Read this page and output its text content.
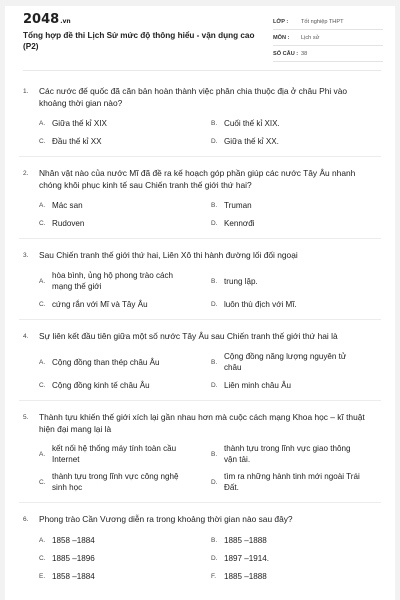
2048.vn
Tổng hợp đề thi Lịch Sử mức độ thông hiểu - vận dụng cao (P2)
LỚP :	Tốt nghiệp THPT
MÔN :	Lịch sử
SỐ CÂU : 38
1.	Các nước đế quốc đã căn bản hoàn thành việc phân chia thuộc địa ở châu Phi vào khoảng thời gian nào?
A. Giữa thế kỉ XIX	B. Cuối thế kỉ XIX.
C. Đầu thế kỉ XX	D. Giữa thế kỉ XX.
2.	Nhân vật nào của nước Mĩ đã đề ra kế hoạch góp phần giúp các nước Tây Âu nhanh chóng khôi phục kinh tế sau Chiến tranh thế giới thứ hai?
A. Mác san	B. Truman
C. Rudoven	D. Kennơđi
3.	Sau Chiến tranh thế giới thứ hai, Liên Xô thi hành đường lối đối ngoại
A.
hòa bình, ủng hộ phong trào cách mạng thế giới
B. trung lập.
C. cứng rắn với Mĩ và Tây Âu	D. luôn thù địch với Mĩ.
4.	Sự liên kết đầu tiên giữa một số nước Tây Âu sau Chiến tranh thế giới thứ hai là
A. Cộng đồng than thép châu Âu	B.
Cộng đồng năng lượng nguyên tử châu
C. Cộng đồng kinh tế châu Âu	D. Liên minh châu Âu
5.	Thành tựu khiến thế giới xích lại gần nhau hơn mà cuộc cách mạng Khoa học – kĩ thuật hiện đại mang lại là
A.
kết nối hệ thống máy tính toàn cầu Internet
B.
thành tựu trong lĩnh vực giao thông vận tải.
C.
thành tựu trong lĩnh vực công nghệ sinh học
D.
tìm ra những hành tinh mới ngoài Trái Đất.
6.	Phong trào Cần Vương diễn ra trong khoảng thời gian nào sau đây?
A. 1858 –1884	B. 1885 –1888
C. 1885 –1896	D. 1897 –1914.
E. 1858 –1884	F. 1885 –1888
